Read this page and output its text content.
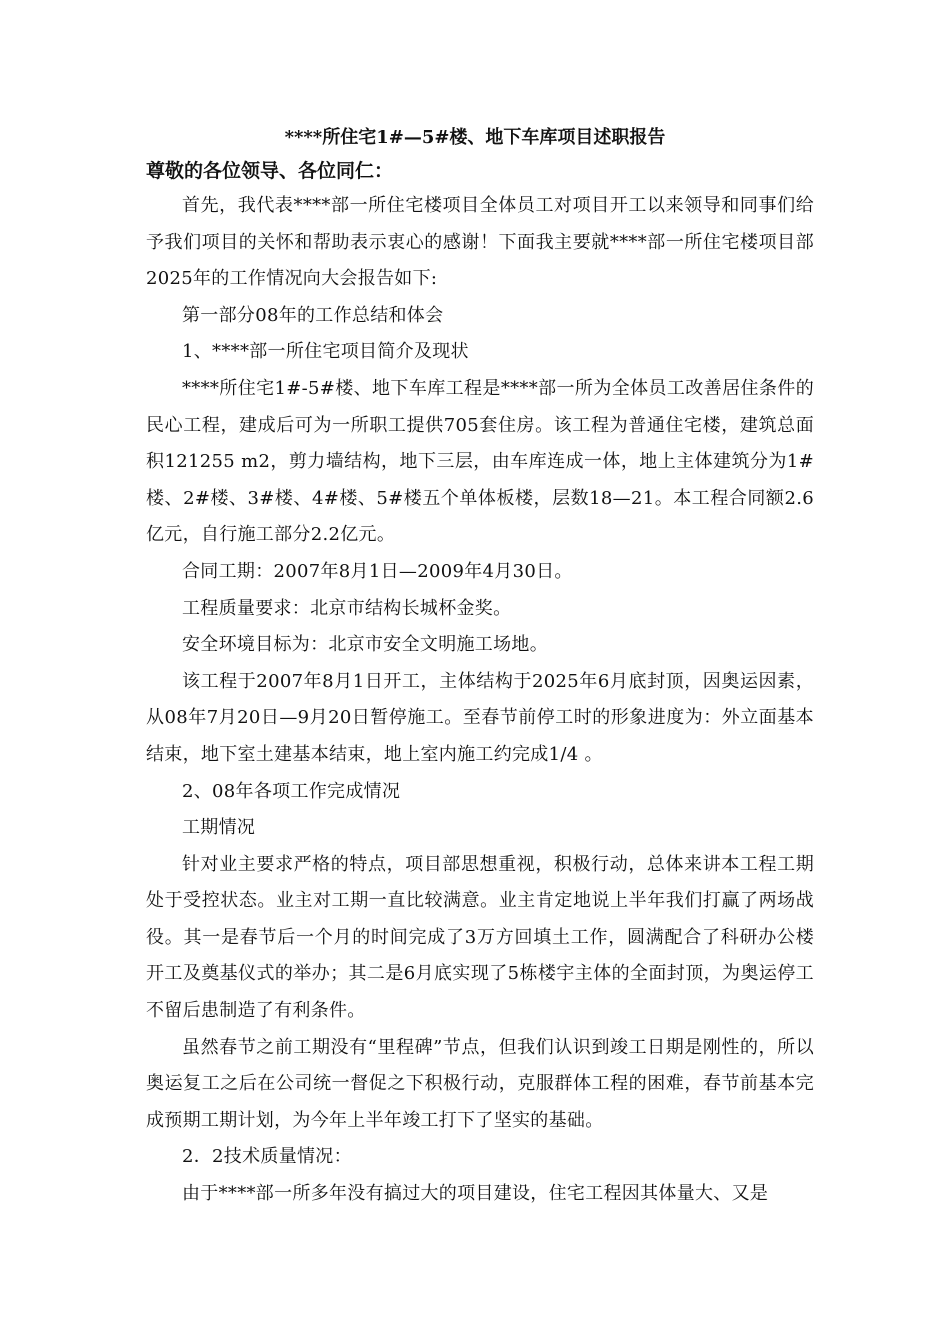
****所住宅1#—5#楼、地下车库项目述职报告
尊敬的各位领导、各位同仁：

首先，我代表****部一所住宅楼项目全体员工对项目开工以来领导和同事们给予我们项目的关怀和帮助表示衷心的感谢！下面我主要就****部一所住宅楼项目部2025年的工作情况向大会报告如下:

第一部分08年的工作总结和体会

1、****部一所住宅项目简介及现状

****所住宅1#-5#楼、地下车库工程是****部一所为全体员工改善居住条件的民心工程，建成后可为一所职工提供705套住房。该工程为普通住宅楼，建筑总面积121255 m2，剪力墙结构，地下三层，由车库连成一体，地上主体建筑分为1#楼、2#楼、3#楼、4#楼、5#楼五个单体板楼，层数18—21。本工程合同额2.6亿元，自行施工部分2.2亿元。

合同工期：2007年8月1日—2009年4月30日。

工程质量要求：北京市结构长城杯金奖。

安全环境目标为：北京市安全文明施工场地。

该工程于2007年8月1日开工，主体结构于2025年6月底封顶，因奥运因素，从08年7月20日—9月20日暂停施工。至春节前停工时的形象进度为：外立面基本结束，地下室土建基本结束，地上室内施工约完成1/4 。

2、08年各项工作完成情况

工期情况

针对业主要求严格的特点，项目部思想重视，积极行动，总体来讲本工程工期处于受控状态。业主对工期一直比较满意。业主肯定地说上半年我们打赢了两场战役。其一是春节后一个月的时间完成了3万方回填土工作，圆满配合了科研办公楼开工及奠基仪式的举办；其二是6月底实现了5栋楼宇主体的全面封顶，为奥运停工不留后患制造了有利条件。

虽然春节之前工期没有“里程碑”节点，但我们认识到竣工日期是刚性的，所以奥运复工之后在公司统一督促之下积极行动，克服群体工程的困难，春节前基本完成预期工期计划，为今年上半年竣工打下了坚实的基础。

2．2技术质量情况：

由于****部一所多年没有搞过大的项目建设，住宅工程因其体量大、又是
